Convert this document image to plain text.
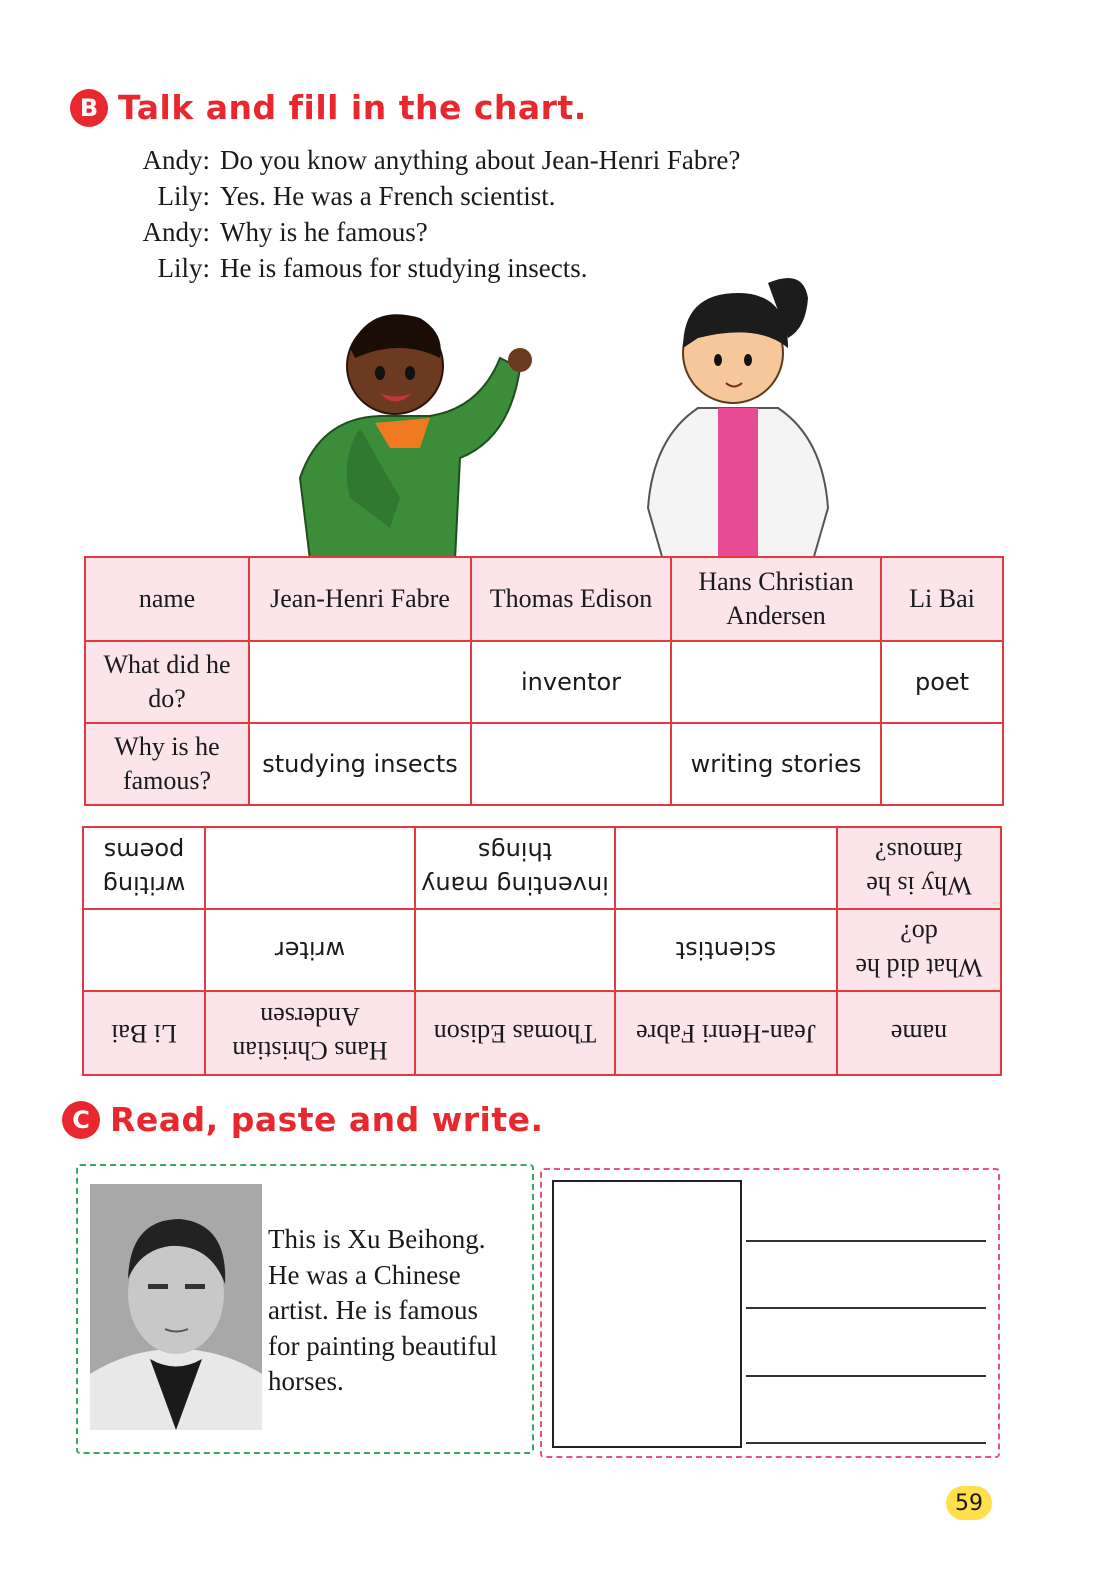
B Talk and fill in the chart.
Andy: Do you know anything about Jean-Henri Fabre?
Lily: Yes. He was a French scientist.
Andy: Why is he famous?
Lily: He is famous for studying insects.
name	Jean-Henri Fabre	Thomas Edison	Hans Christian Andersen	Li Bai
What did he do?		inventor		poet
Why is he famous?	studying insects		writing stories	
name	Jean-Henri Fabre	Thomas Edison	Hans Christian Andersen	Li Bai
What did he do?	scientist		writer	
Why is he famous?		inventing many things		writing poems
C Read, paste and write.
This is Xu Beihong.
He was a Chinese
artist. He is famous
for painting beautiful
horses.
59
